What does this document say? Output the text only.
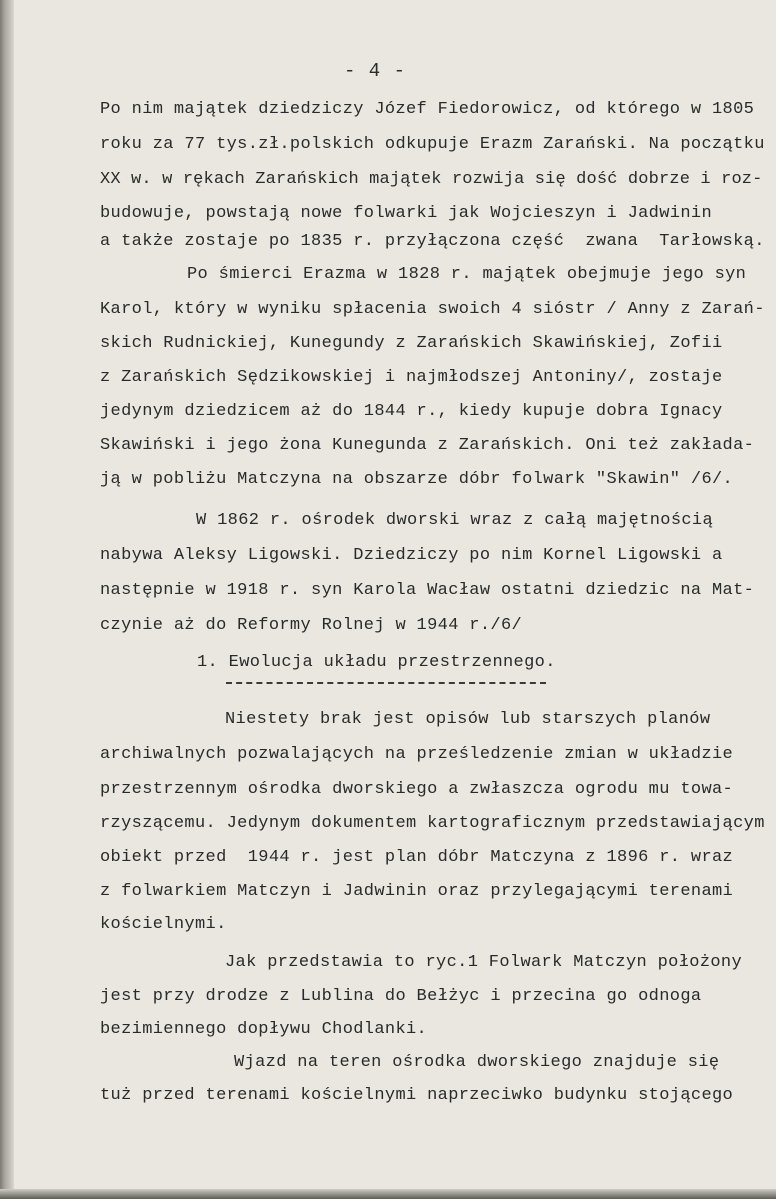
- 4 -
Po nim majątek dziedziczy Józef Fiedorowicz, od którego w 1805
roku za 77 tys.zł.polskich odkupuje Erazm Zarański. Na początku
XX w. w rękach Zarańskich majątek rozwija się dość dobrze i roz-
budowuje, powstają nowe folwarki jak Wojcieszyn i Jadwinin
a także zostaje po 1835 r. przyłączona część  zwana  Tarłowską.
Po śmierci Erazma w 1828 r. majątek obejmuje jego syn
Karol, który w wyniku spłacenia swoich 4 sióstr / Anny z Zarań-
skich Rudnickiej, Kunegundy z Zarańskich Skawińskiej, Zofii
z Zarańskich Sędzikowskiej i najmłodszej Antoniny/, zostaje
jedynym dziedzicem aż do 1844 r., kiedy kupuje dobra Ignacy
Skawiński i jego żona Kunegunda z Zarańskich. Oni też zakłada-
ją w pobliżu Matczyna na obszarze dóbr folwark "Skawin" /6/.
W 1862 r. ośrodek dworski wraz z całą majętnością
nabywa Aleksy Ligowski. Dziedziczy po nim Kornel Ligowski a
następnie w 1918 r. syn Karola Wacław ostatni dziedzic na Mat-
czynie aż do Reformy Rolnej w 1944 r./6/
1. Ewolucja układu przestrzennego.
Niestety brak jest opisów lub starszych planów
archiwalnych pozwalających na prześledzenie zmian w układzie
przestrzennym ośrodka dworskiego a zwłaszcza ogrodu mu towa-
rzyszącemu. Jedynym dokumentem kartograficznym przedstawiającym
obiekt przed  1944 r. jest plan dóbr Matczyna z 1896 r. wraz
z folwarkiem Matczyn i Jadwinin oraz przylegającymi terenami
kościelnymi.
Jak przedstawia to ryc.1 Folwark Matczyn położony
jest przy drodze z Lublina do Bełżyc i przecina go odnoga
bezimiennego dopływu Chodlanki.
Wjazd na teren ośrodka dworskiego znajduje się
tuż przed terenami kościelnymi naprzeciwko budynku stojącego
